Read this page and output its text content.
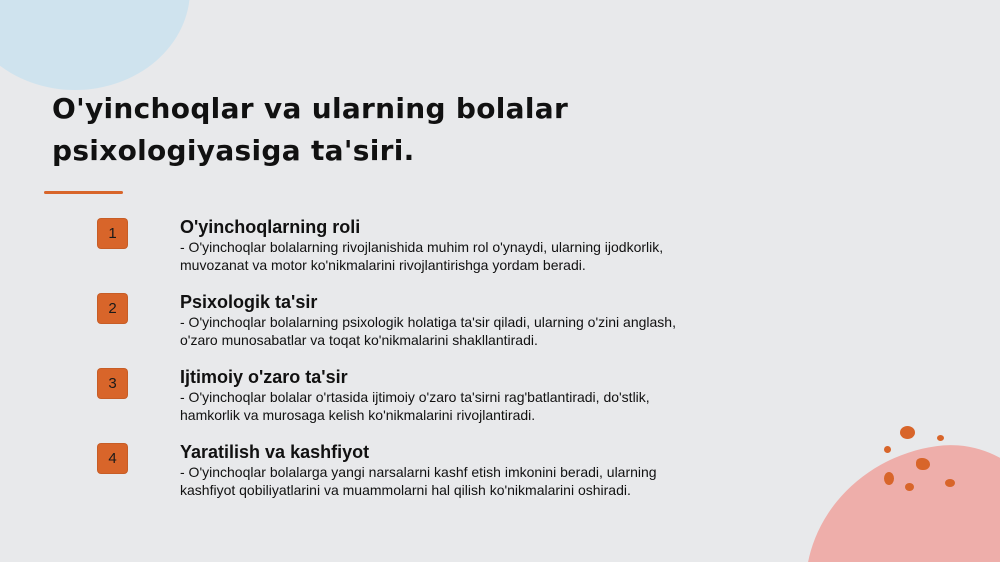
O'yinchoqlar va ularning bolalar psixologiyasiga ta'siri.
1	O'yinchoqlarning roli

- O'yinchoqlar bolalarning rivojlanishida muhim rol o'ynaydi, ularning ijodkorlik, muvozanat va motor ko'nikmalarini rivojlantirishga yordam beradi.

2	Psixologik ta'sir

- O'yinchoqlar bolalarning psixologik holatiga ta'sir qiladi, ularning o'zini anglash, o'zaro munosabatlar va toqat ko'nikmalarini shakllantiradi.

3	Ijtimoiy o'zaro ta'sir

- O'yinchoqlar bolalar o'rtasida ijtimoiy o'zaro ta'sirni rag'batlantiradi, do'stlik, hamkorlik va murosaga kelish ko'nikmalarini rivojlantiradi.

4	Yaratilish va kashfiyot

- O'yinchoqlar bolalarga yangi narsalarni kashf etish imkonini beradi, ularning kashfiyot qobiliyatlarini va muammolarni hal qilish ko'nikmalarini oshiradi.
